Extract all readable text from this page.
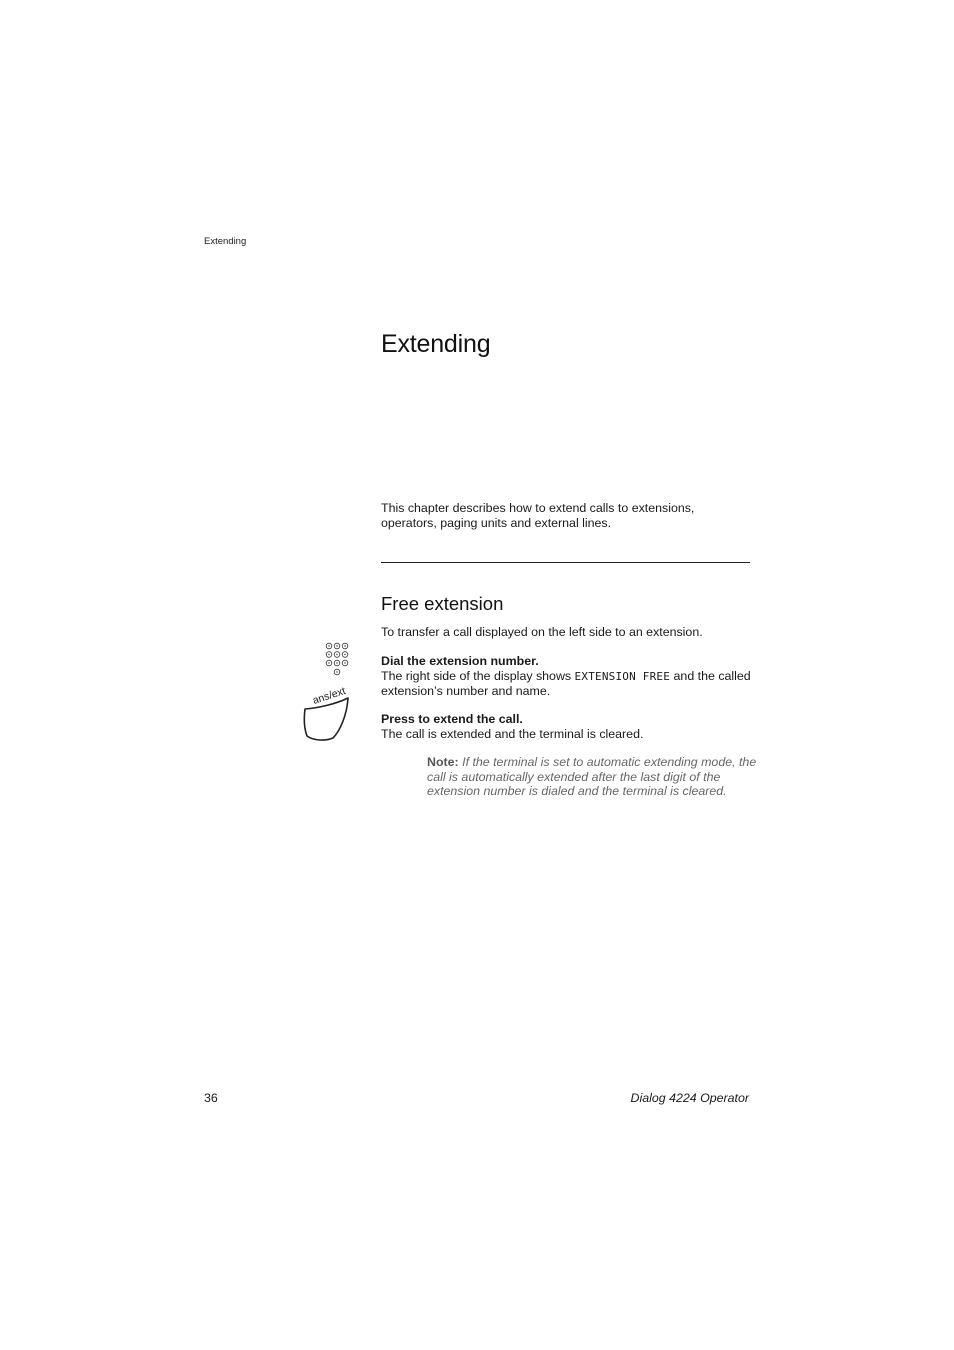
Extending
Extending

This chapter describes how to extend calls to extensions, operators, paging units and external lines.

Free extension

To transfer a call displayed on the left side to an extension.

Dial the extension number.
The right side of the display shows EXTENSION FREE and the called extension’s number and name.

ans/ext

Press to extend the call.
The call is extended and the terminal is cleared.

Note: If the terminal is set to automatic extending mode, the call is automatically extended after the last digit of the extension number is dialed and the terminal is cleared.

36	Dialog 4224 Operator
